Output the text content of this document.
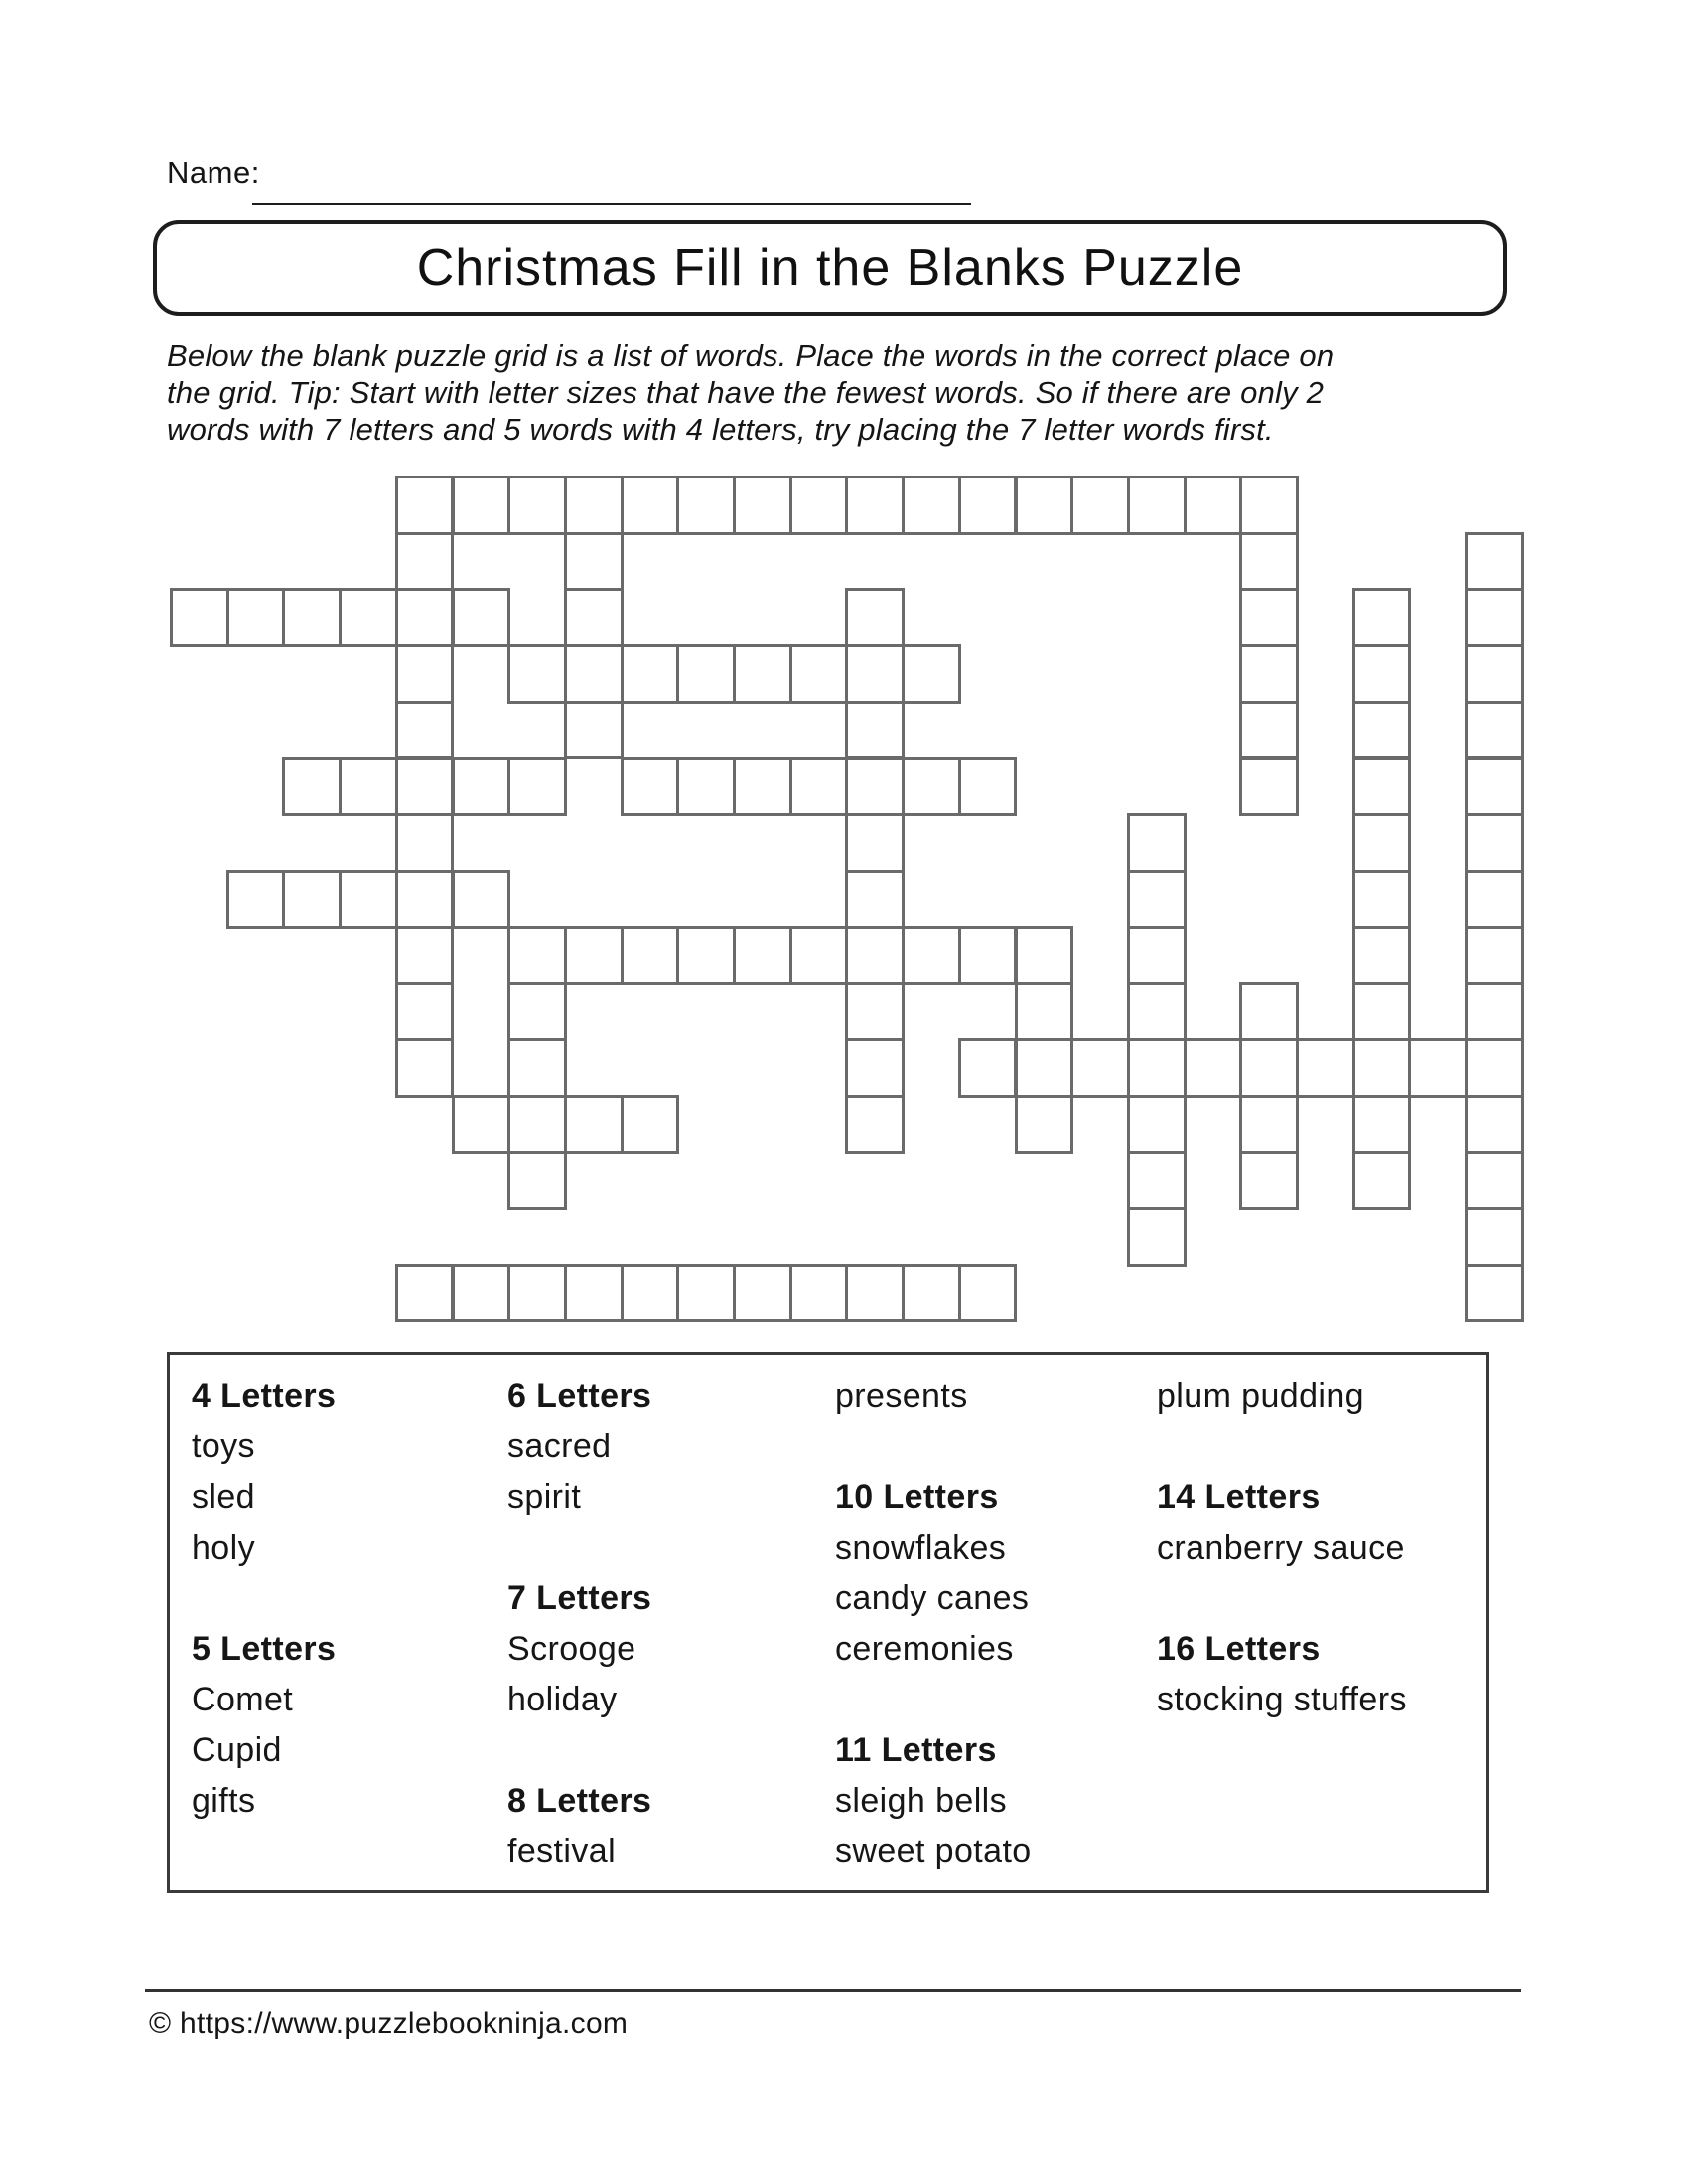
Name:
Christmas Fill in the Blanks Puzzle
Below the blank puzzle grid is a list of words. Place the words in the correct place on
the grid. Tip: Start with letter sizes that have the fewest words. So if there are only 2
words with 7 letters and 5 words with 4 letters, try placing the 7 letter words first.
4 Letters
toys
sled
holy

5 Letters
Comet
Cupid
gifts
6 Letters
sacred
spirit

7 Letters
Scrooge
holiday

8 Letters
festival
presents

10 Letters
snowflakes
candy canes
ceremonies

11 Letters
sleigh bells
sweet potato
plum pudding

14 Letters
cranberry sauce

16 Letters
stocking stuffers
© https://www.puzzlebookninja.com
